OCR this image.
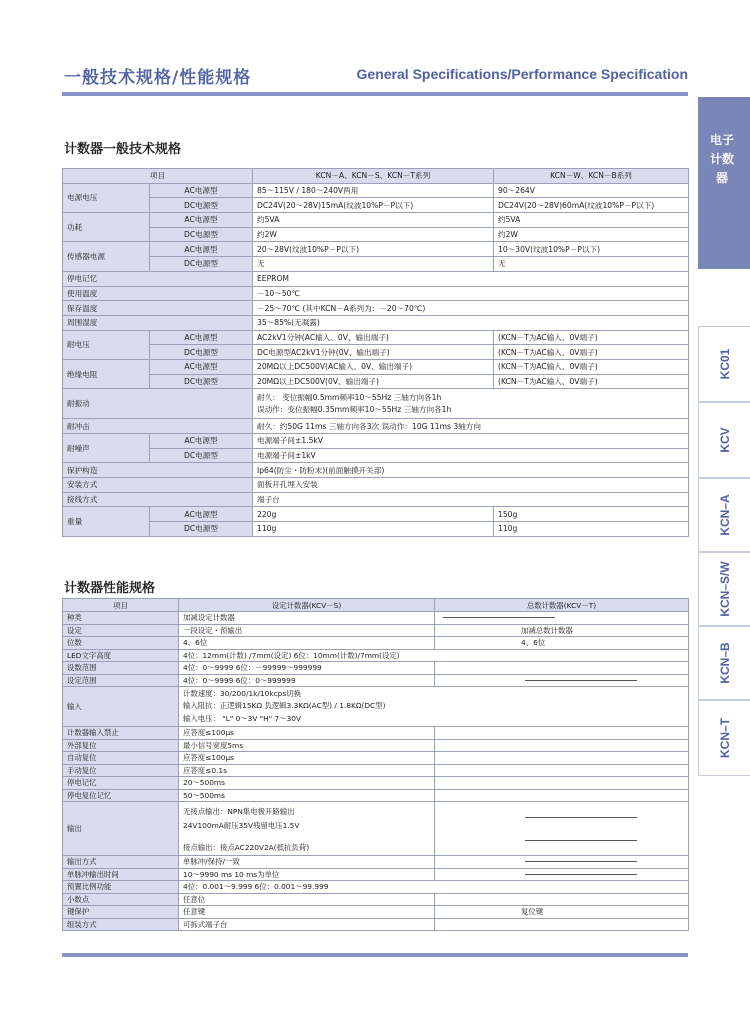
一般技术规格/性能规格	General Specifications/Performance Specification
电子计数器
KC01
KCV
KCN–A
KCN–S/W
KCN–B
KCN–T
计数器一般技术规格
项目		KCN－A、KCN－S、KCN－T系列	KCN－W、KCN－B系列
电源电压	AC电源型	85～115V / 180～240V两用	90～264V
	DC电源型	DC24V(20～28V)15mA(纹波10%P－P以下)	DC24V(20～28V)60mA(纹波10%P－P以下)
功耗	AC电源型	约5VA	约5VA
	DC电源型	约2W	约2W
传感器电源	AC电源型	20～28V(纹波10%P－P以下)	10～30V(纹波10%P－P以下)
	DC电源型	无	无
停电记忆		EEPROM	
使用温度		－10～50℃	
保存温度		－25～70℃ (其中KCN－A系列为：－20～70℃)	
周围湿度		35～85%(无凝露)	
耐电压	AC电源型	AC2kV1分钟(AC输入、0V、输出端子)	(KCN－T为AC输入、0V端子)
	DC电源型	DC电源型AC2kV1分钟(0V、输出端子)	(KCN－T为AC输入、0V端子)
绝缘电阻	AC电源型	20MΩ以上DC500V(AC输入、0V、输出端子)	(KCN－T为AC输入、0V端子)
	DC电源型	20MΩ以上DC500V(0V、输出端子)	(KCN－T为AC输入、0V端子)
耐振动		耐久： 变位振幅0.5mm频率10～55Hz 三轴方向各1h
误动作：变位振幅0.35mm频率10～55Hz 三轴方向各1h	

耐冲击		耐久：约50G 11ms 三轴方向各3次 误动作：10G 11ms 3轴方向	
耐噪声	AC电源型	电源端子间±1.5kV	
	DC电源型	电源端子间±1kV	
保护构造		Ip64(防尘・防粉末)(前面触摸开关部)	
安装方式		面板开孔埋入安装	
接线方式		端子台	
重量	AC电源型	220g	150g
	DC电源型	110g	110g
计数器性能规格
项目	设定计数器(KCV－S)	总数计数器(KCV－T)
种类	加减设定计数器	

设定	一段设定・预输出	加减总数计数器
位数	4、6位	4、6位
LED文字高度	4位：12mm(计数) /7mm(设定) 6位：10mm(计数)/7mm(设定)	
设数范围	4位：0～9999 6位：－99999～999999	
设定范围	4位：0～9999 6位：0～999999	

输入	计数速度：30/200/1k/10kcps切换
输入阻抗：正逻辑15KΩ 负逻辑3.3KΩ(AC型) / 1.8KΩ(DC型)
输入电压： "L" 0～3V "H" 7～30V	

计数器输入禁止	应答度≤100μs	
外部复位	最小信号宽度5ms	
自动复位	应答度≤100μs	
手动复位	应答度≤0.1s	
停电记忆	20～500ms	
停电复位记忆	50～500ms	
输出	无接点输出：NPN集电极开路输出
24V100mA耐压35V残留电压1.5V
接点输出：接点AC220V2A(抵抗负荷)	

输出方式	单脉冲/保持/一致	

单脉冲输出时间	10～9990 ms 10 ms为单位	

预置比例功能	4位：0.001～9.999 6位：0.001～99.999	
小数点	任意位	
键保护	任意键	复位键
组装方式	可拆式端子台	
